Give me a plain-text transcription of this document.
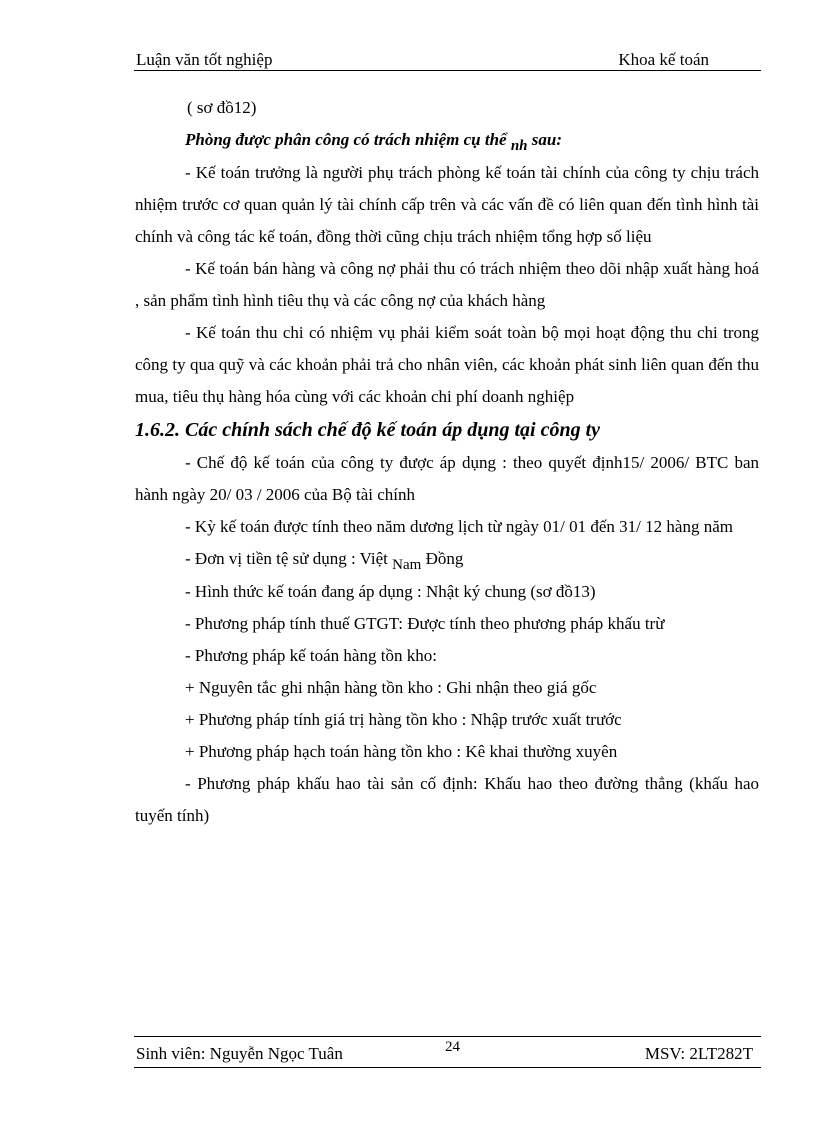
Luận văn tốt nghiệp	Khoa kế toán

( sơ đồ12)

Phòng được phân công có trách nhiệm cụ thể nh sau:

- Kế toán trưởng là người phụ trách phòng kế toán tài chính của công ty chịu trách nhiệm trước cơ quan quản lý tài chính cấp trên và các vấn đề có liên quan đến tình hình tài chính và công tác kế toán, đồng thời cũng chịu trách nhiệm tổng hợp số liệu

- Kế toán bán hàng và công nợ phải thu có trách nhiệm theo dõi nhập xuất hàng hoá , sản phẩm tình hình tiêu thụ và các công nợ của khách hàng

- Kế toán thu chi có nhiệm vụ phải kiểm soát toàn bộ mọi hoạt động thu chi trong công ty qua quỹ và các khoản phải trả cho nhân viên, các khoản phát sinh liên quan đến thu mua, tiêu thụ hàng hóa cùng với các khoản chi phí doanh nghiệp

1.6.2. Các chính sách chế độ kế toán áp dụng tại công ty

- Chế độ kế toán của công ty được áp dụng : theo quyết định15/ 2006/ BTC ban hành ngày 20/ 03 / 2006 của Bộ tài chính

- Kỳ kế toán được tính theo năm dương lịch từ ngày 01/ 01 đến 31/ 12 hàng năm

- Đơn vị tiền tệ sử dụng : Việt Nam Đồng

- Hình thức kế toán đang áp dụng : Nhật ký chung (sơ đồ13)

- Phương pháp tính thuế GTGT: Được tính theo phương pháp khấu trừ

- Phương pháp kế toán hàng tồn kho:

+ Nguyên tắc ghi nhận hàng tồn kho : Ghi nhận theo giá gốc

+ Phương pháp tính giá trị hàng tồn kho : Nhập trước xuất trước

+ Phương pháp hạch toán hàng tồn kho : Kê khai thường xuyên

- Phương pháp khấu hao tài sản cố định: Khấu hao theo đường thẳng (khấu hao tuyến tính)

Sinh viên: Nguyễn Ngọc Tuân	24	MSV: 2LT282T
